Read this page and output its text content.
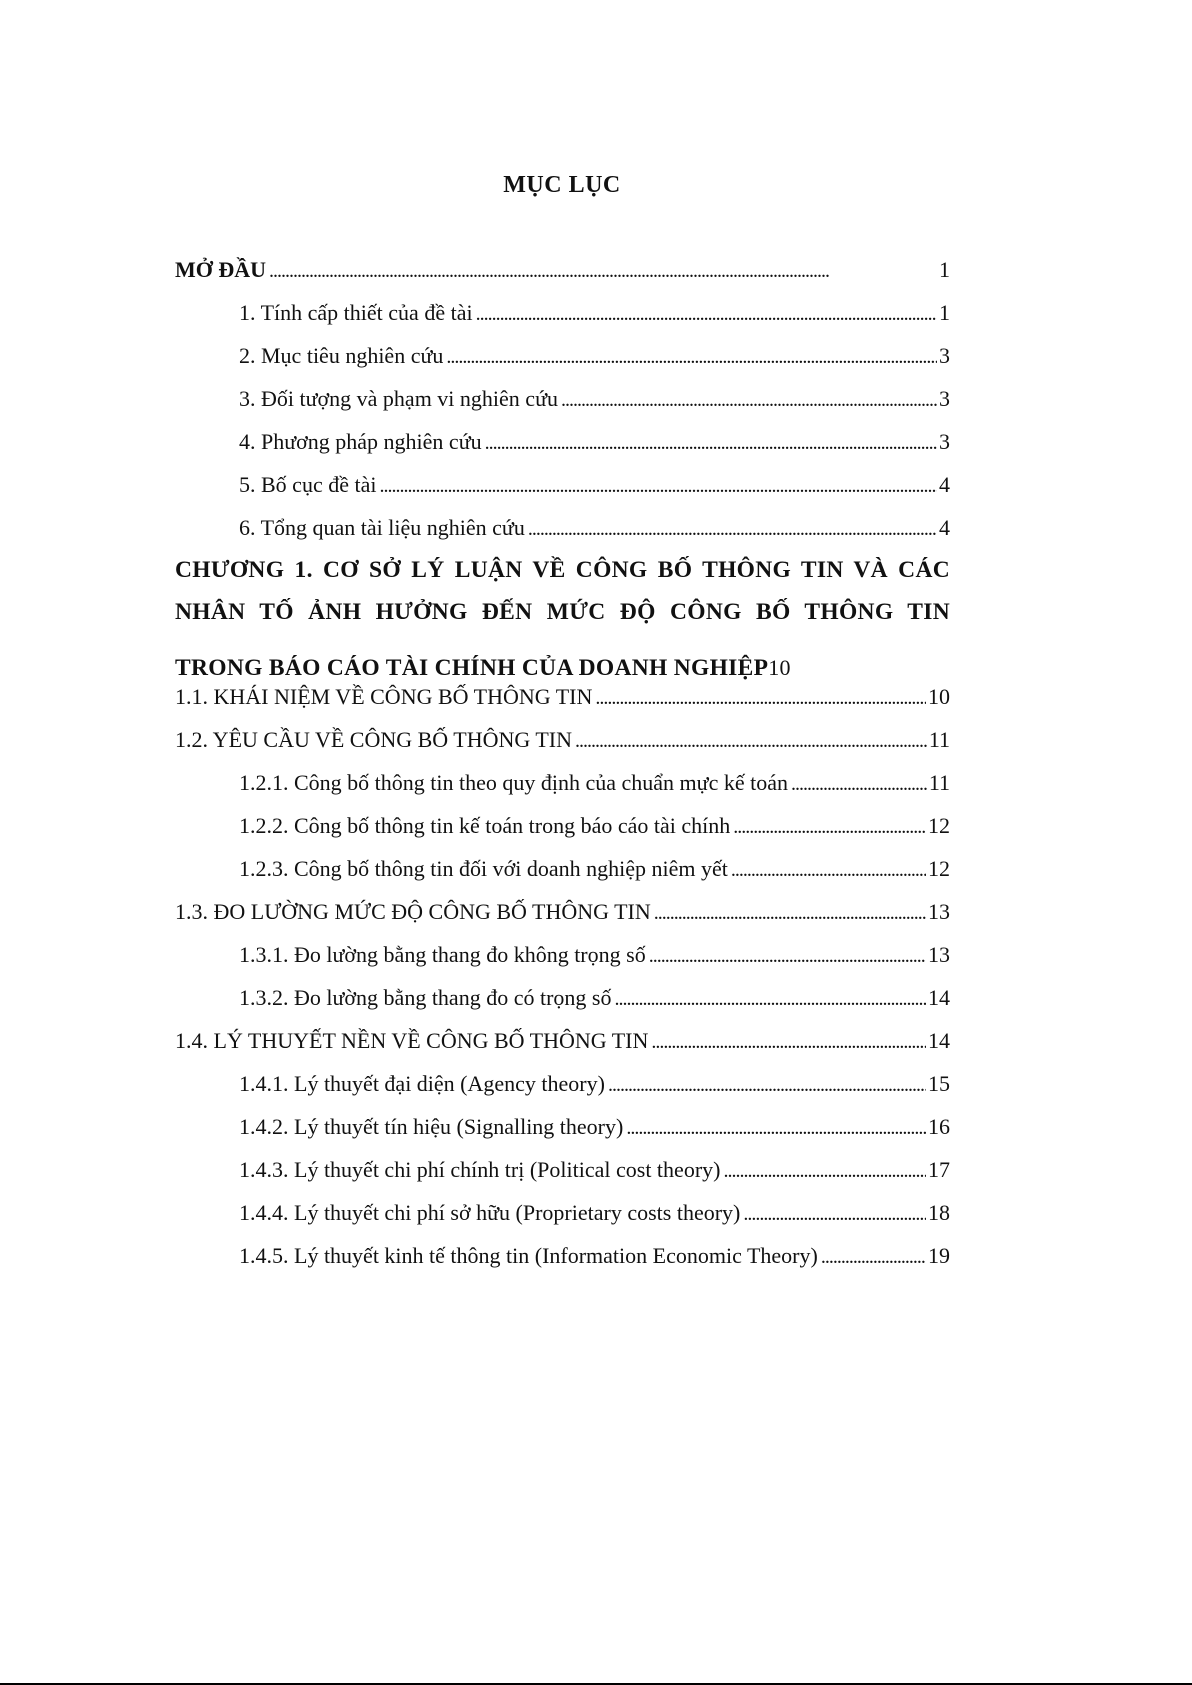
MỤC LỤC
MỞ ĐẦU . . .	1
1. Tính cấp thiết của đề tài . . .	1
2. Mục tiêu nghiên cứu . . .	3
3. Đối tượng và phạm vi nghiên cứu . . .	3
4. Phương pháp nghiên cứu . . .	3
5. Bố cục đề tài . . .	4
6. Tổng quan tài liệu nghiên cứu . . .	4
CHƯƠNG 1. CƠ SỞ LÝ LUẬN VỀ CÔNG BỐ THÔNG TIN VÀ CÁC
NHÂN TỐ ẢNH HƯỞNG ĐẾN MỨC ĐỘ CÔNG BỐ THÔNG TIN
TRONG BÁO CÁO TÀI CHÍNH CỦA DOANH NGHIỆP 10
1.1. KHÁI NIỆM VỀ CÔNG BỐ THÔNG TIN . . .	10
1.2. YÊU CẦU VỀ CÔNG BỐ THÔNG TIN . . .	11
1.2.1. Công bố thông tin theo quy định của chuẩn mực kế toán . . .	11
1.2.2. Công bố thông tin kế toán trong báo cáo tài chính . . .	12
1.2.3. Công bố thông tin đối với doanh nghiệp niêm yết . . .	12
1.3. ĐO LƯỜNG MỨC ĐỘ CÔNG BỐ THÔNG TIN . . .	13
1.3.1. Đo lường bằng thang đo không trọng số . . .	13
1.3.2. Đo lường bằng thang đo có trọng số . . .	14
1.4. LÝ THUYẾT NỀN VỀ CÔNG BỐ THÔNG TIN . . .	14
1.4.1. Lý thuyết đại diện (Agency theory) . . .	15
1.4.2. Lý thuyết tín hiệu (Signalling theory) . . .	16
1.4.3. Lý thuyết chi phí chính trị (Political cost theory) . . .	17
1.4.4. Lý thuyết chi phí sở hữu (Proprietary costs theory) . . .	18
1.4.5. Lý thuyết kinh tế thông tin (Information Economic Theory) . . .	19
